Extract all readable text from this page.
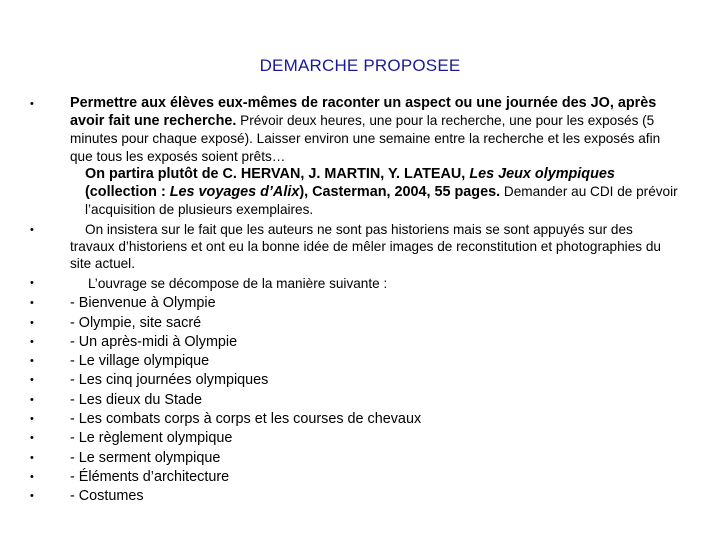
DEMARCHE PROPOSEE
•	Permettre aux élèves eux-mêmes de raconter un aspect ou une journée des JO, après avoir fait une recherche. Prévoir deux heures, une pour la recherche, une pour les exposés (5 minutes pour chaque exposé). Laisser environ une semaine entre la recherche et les exposés afin que tous les exposés soient prêts…
On partira plutôt de C. HERVAN, J. MARTIN, Y. LATEAU, Les Jeux olympiques (collection : Les voyages d’Alix), Casterman, 2004, 55 pages. Demander au CDI de prévoir l’acquisition de plusieurs exemplaires.
•	On insistera sur le fait que les auteurs ne sont pas historiens mais se sont appuyés sur des travaux d’historiens et ont eu la bonne idée de mêler images de reconstitution et photographies du site actuel.
•	L’ouvrage se décompose de la manière suivante :
•	- Bienvenue à Olympie
•	- Olympie, site sacré
•	- Un après-midi à Olympie
•	- Le village olympique
•	- Les cinq journées olympiques
•	- Les dieux du Stade
•	- Les combats corps à corps et les courses de chevaux
•	- Le règlement olympique
•	- Le serment olympique
•	- Éléments d’architecture
•	- Costumes
